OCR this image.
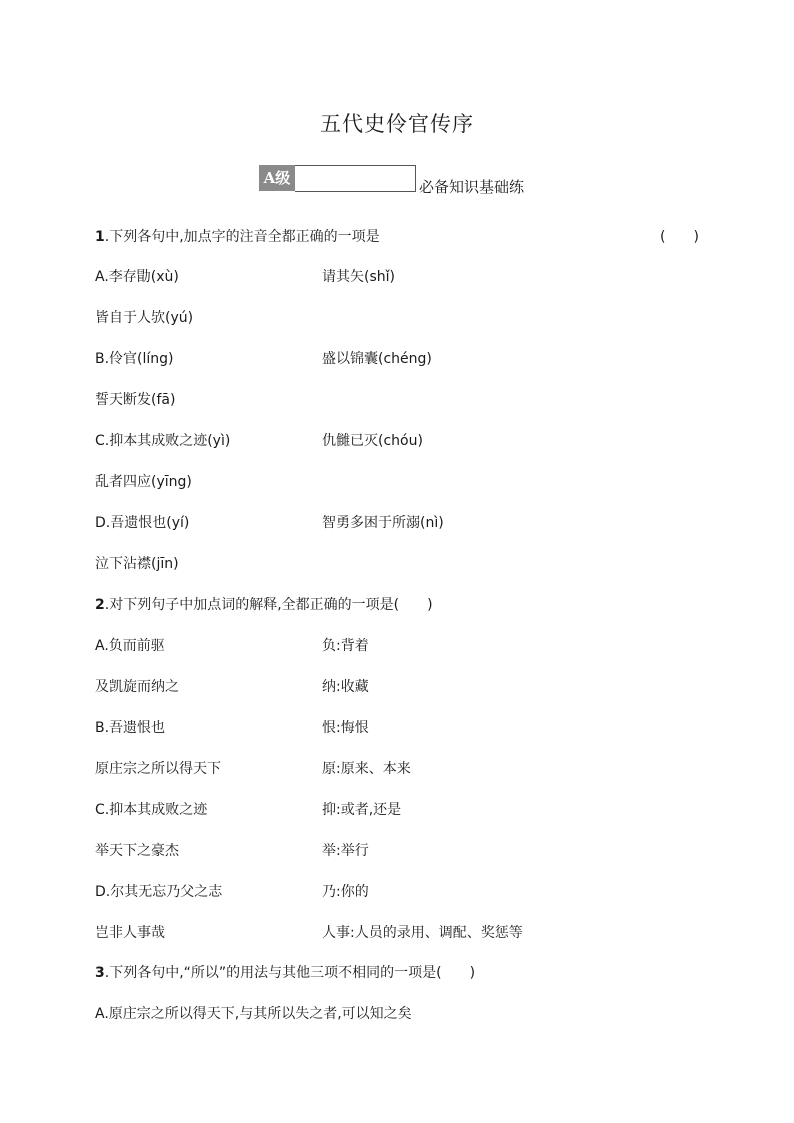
五代史伶官传序
A级	必备知识基础练
1.下列各句中,加点字的注音全都正确的一项是	(　　)
A.李存勖(xù)	请其矢(shǐ)
皆自于人欤(yú)
B.伶官(líng)	盛以锦囊(chéng)
誓天断发(fā)
C.抑本其成败之迹(yì)	仇雠已灭(chóu)
乱者四应(yīng)
D.吾遗恨也(yí)	智勇多困于所溺(nì)
泣下沾襟(jīn)
2.对下列句子中加点词的解释,全都正确的一项是(　　)
A.负而前驱	负:背着
及凯旋而纳之	纳:收藏
B.吾遗恨也	恨:悔恨
原庄宗之所以得天下	原:原来、本来
C.抑本其成败之迹	抑:或者,还是
举天下之豪杰	举:举行
D.尔其无忘乃父之志	乃:你的
岂非人事哉	人事:人员的录用、调配、奖惩等
3.下列各句中,“所以”的用法与其他三项不相同的一项是(　　)
A.原庄宗之所以得天下,与其所以失之者,可以知之矣
